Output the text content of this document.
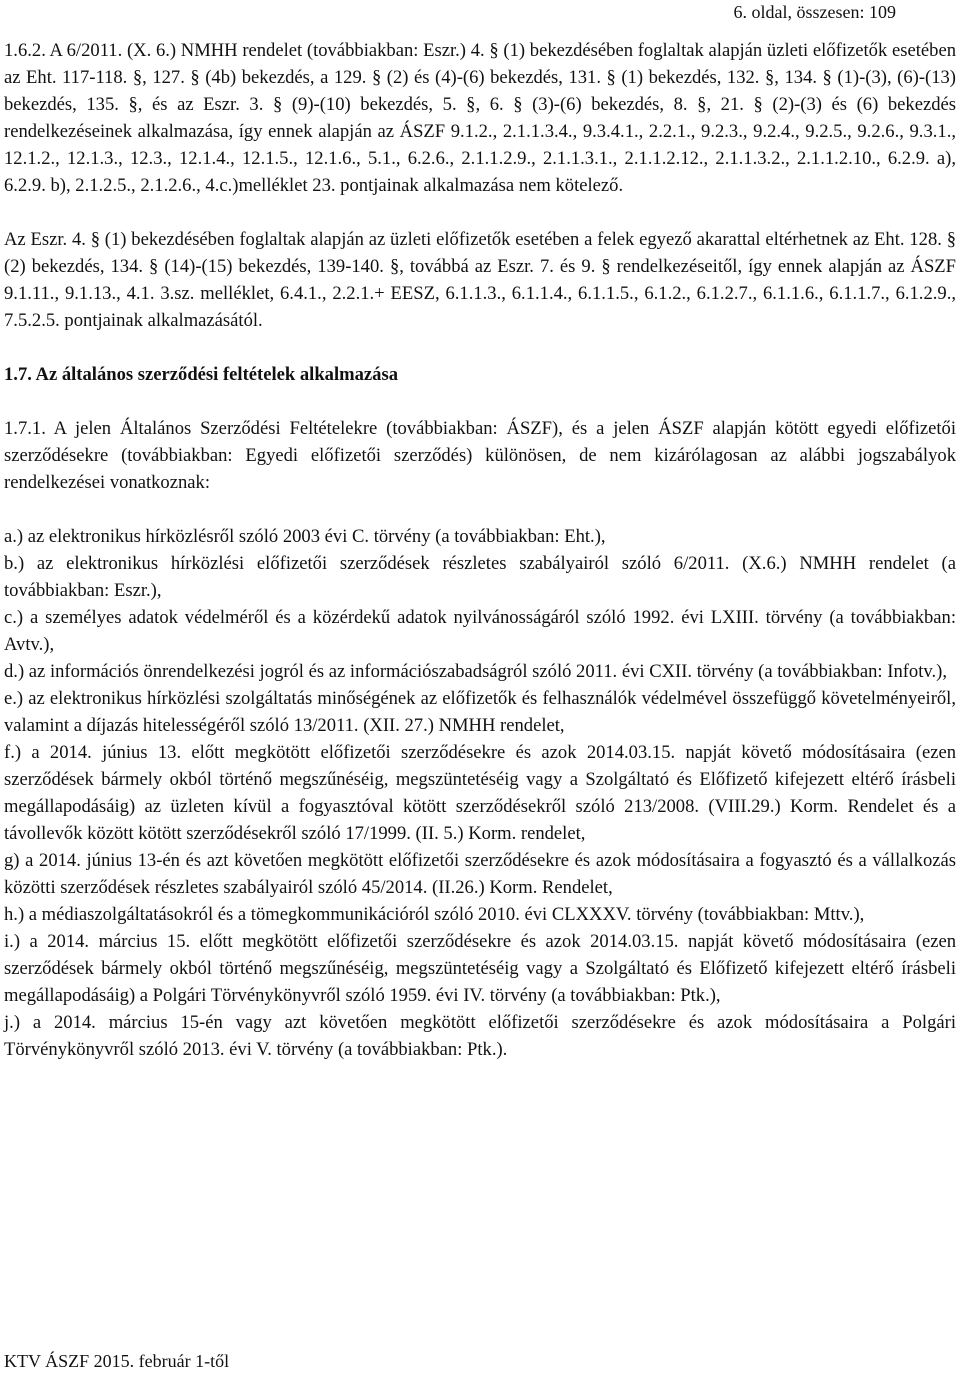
6. oldal, összesen: 109

1.6.2. A 6/2011. (X. 6.) NMHH rendelet (továbbiakban: Eszr.) 4. § (1) bekezdésében foglaltak alapján üzleti előfizetők esetében az Eht. 117-118. §, 127. § (4b) bekezdés, a 129. § (2) és (4)-(6) bekezdés, 131. § (1) bekezdés, 132. §, 134. § (1)-(3), (6)-(13) bekezdés, 135. §, és az Eszr. 3. § (9)-(10) bekezdés, 5. §, 6. § (3)-(6) bekezdés, 8. §, 21. § (2)-(3) és (6) bekezdés rendelkezéseinek alkalmazása, így ennek alapján az ÁSZF 9.1.2., 2.1.1.3.4., 9.3.4.1., 2.2.1., 9.2.3., 9.2.4., 9.2.5., 9.2.6., 9.3.1., 12.1.2., 12.1.3., 12.3., 12.1.4., 12.1.5., 12.1.6., 5.1., 6.2.6., 2.1.1.2.9., 2.1.1.3.1., 2.1.1.2.12., 2.1.1.3.2., 2.1.1.2.10., 6.2.9. a), 6.2.9. b), 2.1.2.5., 2.1.2.6., 4.c.)melléklet 23. pontjainak alkalmazása nem kötelező.

Az Eszr. 4. § (1) bekezdésében foglaltak alapján az üzleti előfizetők esetében a felek egyező akarattal eltérhetnek az Eht. 128. § (2) bekezdés, 134. § (14)-(15) bekezdés, 139-140. §, továbbá az Eszr. 7. és 9. § rendelkezéseitől, így ennek alapján az ÁSZF 9.1.11., 9.1.13., 4.1. 3.sz. melléklet, 6.4.1., 2.2.1.+ EESZ, 6.1.1.3., 6.1.1.4., 6.1.1.5., 6.1.2., 6.1.2.7., 6.1.1.6., 6.1.1.7., 6.1.2.9., 7.5.2.5. pontjainak alkalmazásától.

1.7. Az általános szerződési feltételek alkalmazása

1.7.1. A jelen Általános Szerződési Feltételekre (továbbiakban: ÁSZF), és a jelen ÁSZF alapján kötött egyedi előfizetői szerződésekre (továbbiakban: Egyedi előfizetői szerződés) különösen, de nem kizárólagosan az alábbi jogszabályok rendelkezései vonatkoznak:

a.) az elektronikus hírközlésről szóló 2003 évi C. törvény (a továbbiakban: Eht.),

b.) az elektronikus hírközlési előfizetői szerződések részletes szabályairól szóló 6/2011. (X.6.) NMHH rendelet (a továbbiakban: Eszr.),

c.) a személyes adatok védelméről és a közérdekű adatok nyilvánosságáról szóló 1992. évi LXIII. törvény (a továbbiakban: Avtv.),

d.) az információs önrendelkezési jogról és az információszabadságról szóló 2011. évi CXII. törvény (a továbbiakban: Infotv.),

e.) az elektronikus hírközlési szolgáltatás minőségének az előfizetők és felhasználók védelmével összefüggő követelményeiről, valamint a díjazás hitelességéről szóló 13/2011. (XII. 27.) NMHH rendelet,

f.) a 2014. június 13. előtt megkötött előfizetői szerződésekre és azok 2014.03.15. napját követő módosításaira (ezen szerződések bármely okból történő megszűnéséig, megszüntetéséig vagy a Szolgáltató és Előfizető kifejezett eltérő írásbeli megállapodásáig) az üzleten kívül a fogyasztóval kötött szerződésekről szóló 213/2008. (VIII.29.) Korm. Rendelet és a távollevők között kötött szerződésekről szóló 17/1999. (II. 5.) Korm. rendelet,

g) a 2014. június 13-én és azt követően megkötött előfizetői szerződésekre és azok módosításaira a fogyasztó és a vállalkozás közötti szerződések részletes szabályairól szóló 45/2014. (II.26.) Korm. Rendelet,

h.) a médiaszolgáltatásokról és a tömegkommunikációról szóló 2010. évi CLXXXV. törvény (továbbiakban: Mttv.),

i.) a 2014. március 15. előtt megkötött előfizetői szerződésekre és azok 2014.03.15. napját követő módosításaira (ezen szerződések bármely okból történő megszűnéséig, megszüntetéséig vagy a Szolgáltató és Előfizető kifejezett eltérő írásbeli megállapodásáig) a Polgári Törvénykönyvről szóló 1959. évi IV. törvény (a továbbiakban: Ptk.),

j.) a 2014. március 15-én vagy azt követően megkötött előfizetői szerződésekre és azok módosításaira a Polgári Törvénykönyvről szóló 2013. évi V. törvény (a továbbiakban: Ptk.).

KTV ÁSZF 2015. február 1-től
